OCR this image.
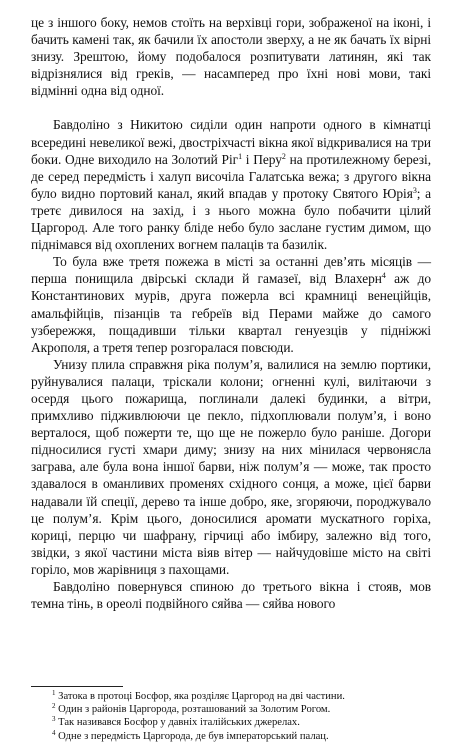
це з іншого боку, немов стоїть на верхівці гори, зображеної на іконі, і бачить камені так, як бачили їх апостоли зверху, а не як бачать їх вірні знизу. Зрештою, йому подобалося розпитувати латинян, які так відрізнялися від греків, — насамперед про їхні нові мови, такі відмінні одна від одної.

Бавдоліно з Никитою сиділи один напроти одного в кімнатці всередині невеликої вежі, двостріхчасті вікна якої відкривалися на три боки. Одне виходило на Золотий Ріг$^1$ і Перу$^2$ на протилежному березі, де серед передмість і халуп височіла Галатська вежа; з другого вікна було видно портовий канал, який впадав у протоку Святого Юрія$^3$; а третє дивилося на захід, і з нього можна було побачити цілий Царгород. Але того ранку бліде небо було заслане густим димом, що піднімався від охоплених вогнем палаців та базилік.

То була вже третя пожежа в місті за останні дев’ять місяців — перша понищила двірські склади й гамазеї, від Влахерн$^4$ аж до Константинових мурів, друга пожерла всі крамниці венеційців, амальфійців, пізанців та гебреїв від Перами майже до самого узбережжя, пощадивши тільки квартал генуезців у підніжжі Акрополя, а третя тепер розгоралася повсюди.

Унизу плила справжня ріка полум’я, валилися на землю портики, руйнувалися палаци, тріскали колони; огненні кулі, вилітаючи з осердя цього пожарища, поглинали далекі будинки, а вітри, примхливо підживлюючи це пекло, підхоплювали полум’я, і воно верталося, щоб пожерти те, що ще не пожерло було раніше. Догори підносилися густі хмари диму; знизу на них мінилася червонясла заграва, але була вона іншої барви, ніж полум’я — може, так просто здавалося в оманливих променях східного сонця, а може, цієї барви надавали їй спеції, дерево та інше добро, яке, згоряючи, породжувало це полум’я. Крім цього, доносилися аромати мускатного горіха, кориці, перцю чи шафрану, гірчиці або імбиру, залежно від того, звідки, з якої частини міста віяв вітер — найчудовіше місто на світі горіло, мов жарівниця з пахощами.

Бавдоліно повернувся спиною до третього вікна і стояв, мов темна тінь, в ореолі подвійного сяйва — сяйва нового

$^1$ Затока в протоці Босфор, яка розділяє Царгород на дві частини.

$^2$ Один з районів Царгорода, розташований за Золотим Рогом.

$^3$ Так називався Босфор у давніх італійських джерелах.

$^4$ Одне з передмість Царгорода, де був імператорський палац.
